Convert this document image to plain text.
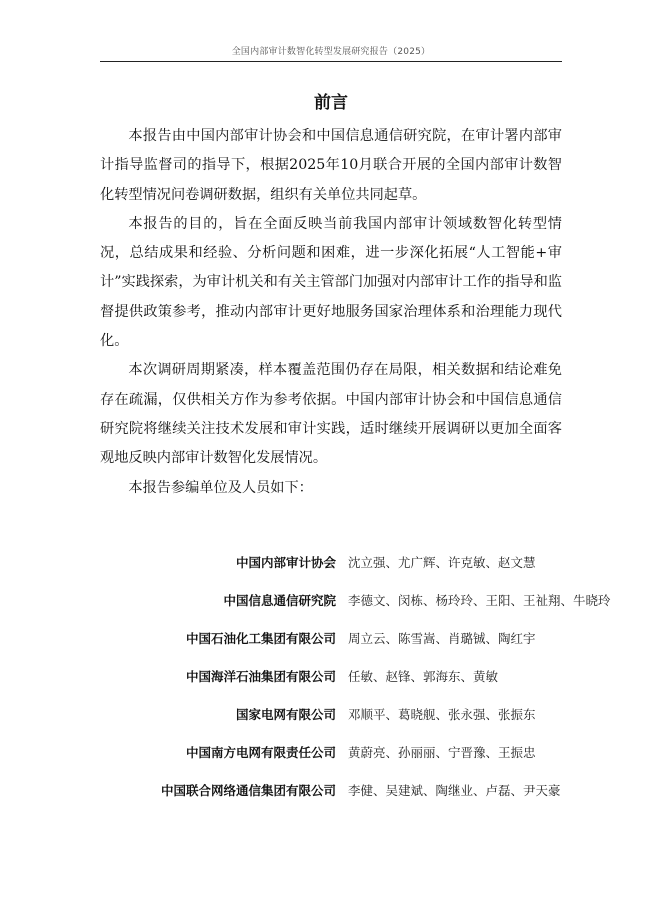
全国内部审计数智化转型发展研究报告（2025）
前言

本报告由中国内部审计协会和中国信息通信研究院，在审计署内部审计指导监督司的指导下，根据2025年10月联合开展的全国内部审计数智化转型情况问卷调研数据，组织有关单位共同起草。

本报告的目的，旨在全面反映当前我国内部审计领域数智化转型情况，总结成果和经验、分析问题和困难，进一步深化拓展“人工智能+审计”实践探索，为审计机关和有关主管部门加强对内部审计工作的指导和监督提供政策参考，推动内部审计更好地服务国家治理体系和治理能力现代化。

本次调研周期紧凑，样本覆盖范围仍存在局限，相关数据和结论难免存在疏漏，仅供相关方作为参考依据。中国内部审计协会和中国信息通信研究院将继续关注技术发展和审计实践，适时继续开展调研以更加全面客观地反映内部审计数智化发展情况。

本报告参编单位及人员如下：

中国内部审计协会 沈立强、尤广辉、许克敏、赵文慧
中国信息通信研究院 李德文、闵栋、杨玲玲、王阳、王祉翔、牛晓玲
中国石油化工集团有限公司 周立云、陈雪嵩、肖璐铖、陶红宇
中国海洋石油集团有限公司 任敏、赵锋、郭海东、黄敏
国家电网有限公司 邓顺平、葛晓舰、张永强、张振东
中国南方电网有限责任公司 黄蔚亮、孙丽丽、宁晋豫、王振忠
中国联合网络通信集团有限公司 李健、吴建斌、陶继业、卢磊、尹天豪
